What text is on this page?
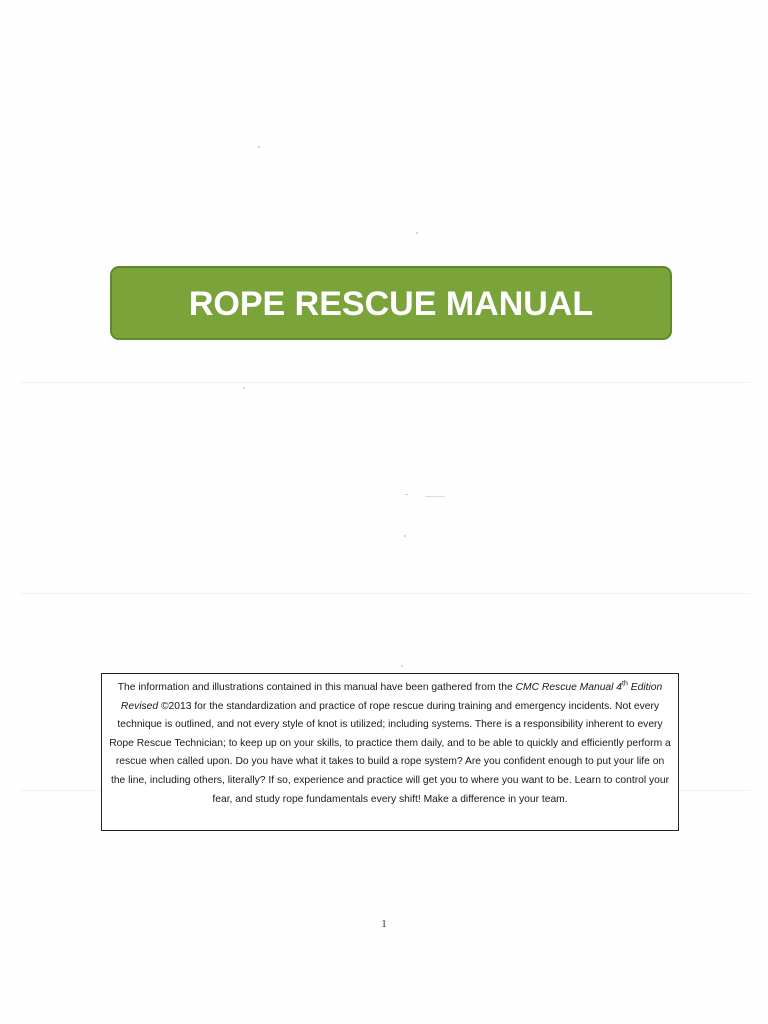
ROPE RESCUE MANUAL

The information and illustrations contained in this manual have been gathered from the CMC Rescue Manual 4th Edition Revised ©2013 for the standardization and practice of rope rescue during training and emergency incidents. Not every technique is outlined, and not every style of knot is utilized; including systems. There is a responsibility inherent to every Rope Rescue Technician; to keep up on your skills, to practice them daily, and to be able to quickly and efficiently perform a rescue when called upon. Do you have what it takes to build a rope system? Are you confident enough to put your life on the line, including others, literally? If so, experience and practice will get you to where you want to be. Learn to control your fear, and study rope fundamentals every shift! Make a difference in your team.

1
